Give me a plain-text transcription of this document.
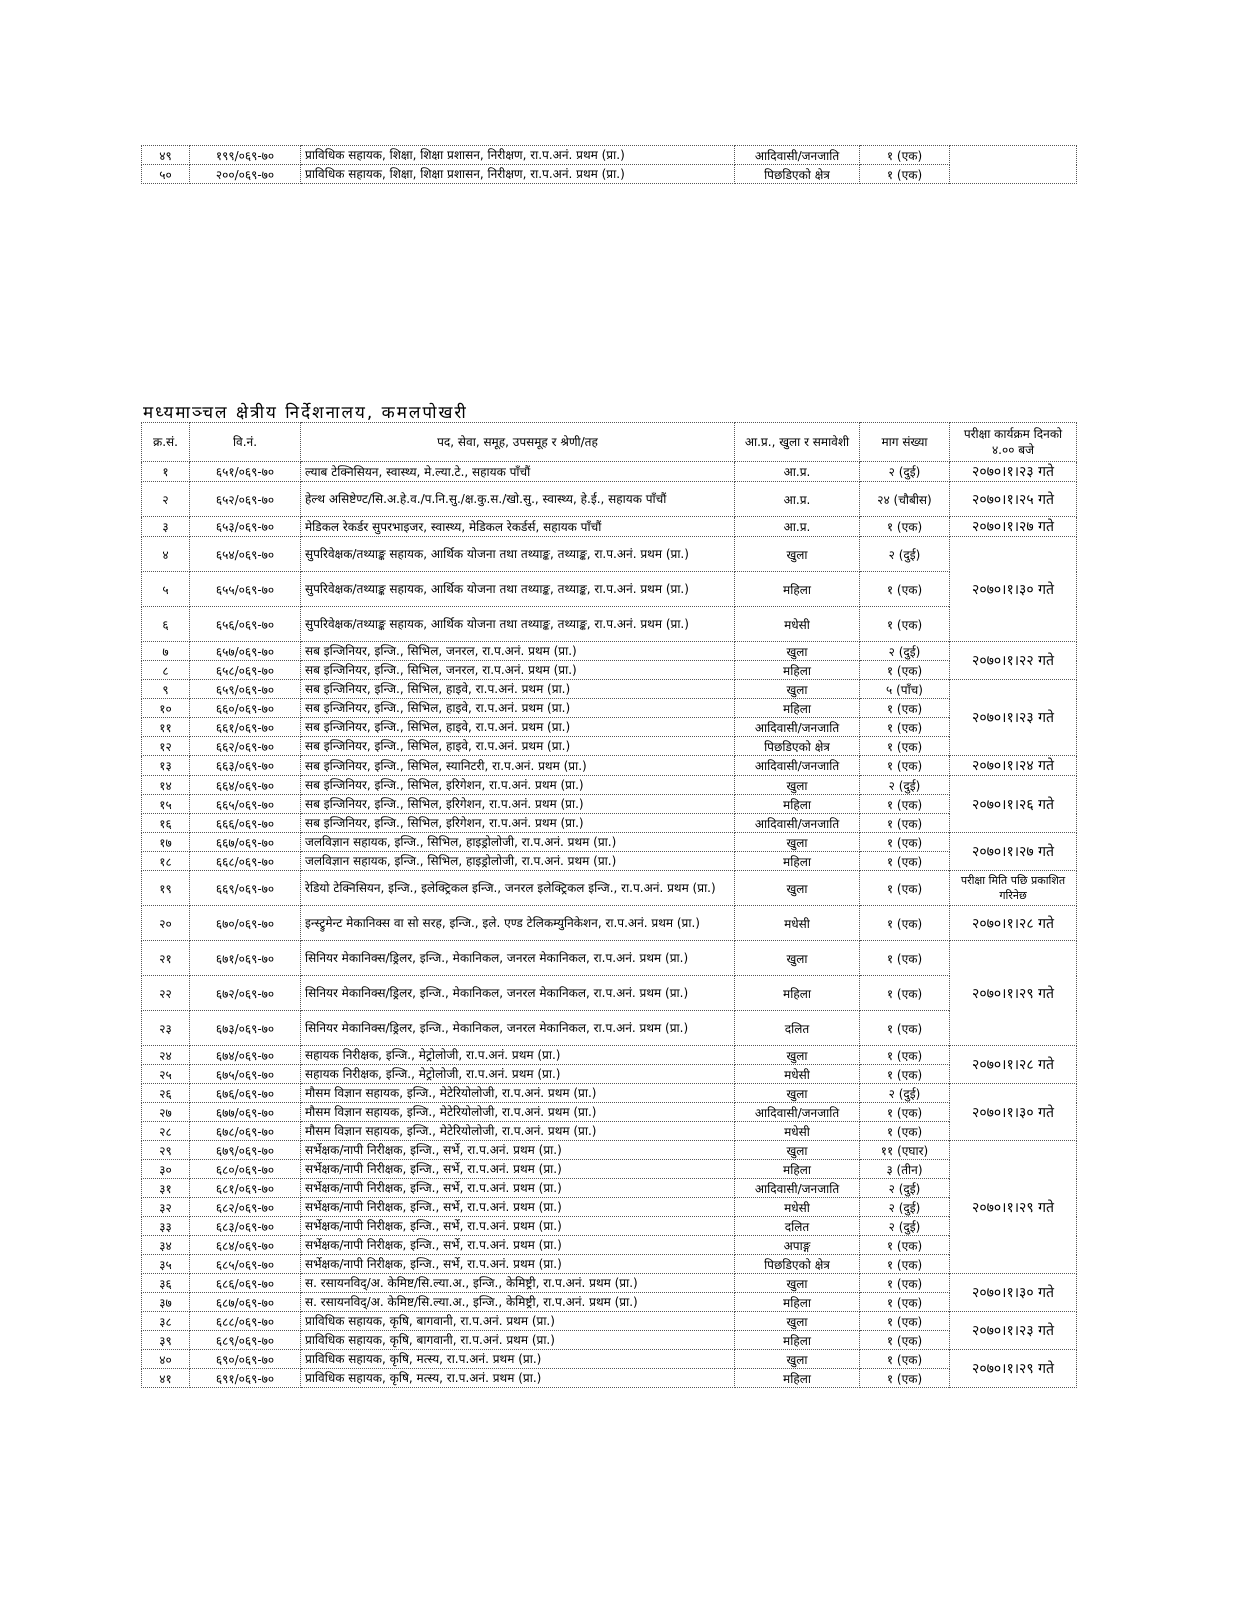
४९	१९९/०६९-७०	प्राविधिक सहायक, शिक्षा, शिक्षा प्रशासन, निरीक्षण, रा.प.अनं. प्रथम (प्रा.)	आदिवासी/जनजाति	१ (एक)	
५०	२००/०६९-७०	प्राविधिक सहायक, शिक्षा, शिक्षा प्रशासन, निरीक्षण, रा.प.अनं. प्रथम (प्रा.)	पिछडिएको क्षेत्र	१ (एक)	
मध्यमाञ्चल क्षेत्रीय निर्देशनालय, कमलपोखरी
क्र.सं.	वि.नं.	पद, सेवा, समूह, उपसमूह र श्रेणी/तह	आ.प्र., खुला र समावेशी	माग संख्या	परीक्षा कार्यक्रम दिनको ४.०० बजे
१	६५१/०६९-७०	ल्याब टेक्निसियन, स्वास्थ्य, मे.ल्या.टे., सहायक पाँचौं	आ.प्र.	२ (दुई)	२०७०।१।२३ गते
२	६५२/०६९-७०	हेल्थ असिष्टेण्ट/सि.अ.हे.व./प.नि.सु./क्ष.कु.स./खो.सु., स्वास्थ्य, हे.ई., सहायक पाँचौं	आ.प्र.	२४ (चौबीस)	२०७०।१।२५ गते
३	६५३/०६९-७०	मेडिकल रेकर्डर सुपरभाइजर, स्वास्थ्य, मेडिकल रेकर्डर्स, सहायक पाँचौं	आ.प्र.	१ (एक)	२०७०।१।२७ गते
४	६५४/०६९-७०	सुपरिवेक्षक/तथ्याङ्क सहायक, आर्थिक योजना तथा तथ्याङ्क, तथ्याङ्क, रा.प.अनं. प्रथम (प्रा.)	खुला	२ (दुई)	२०७०।१।३० गते
५	६५५/०६९-७०	सुपरिवेक्षक/तथ्याङ्क सहायक, आर्थिक योजना तथा तथ्याङ्क, तथ्याङ्क, रा.प.अनं. प्रथम (प्रा.)	महिला	१ (एक)	
६	६५६/०६९-७०	सुपरिवेक्षक/तथ्याङ्क सहायक, आर्थिक योजना तथा तथ्याङ्क, तथ्याङ्क, रा.प.अनं. प्रथम (प्रा.)	मधेसी	१ (एक)	
७	६५७/०६९-७०	सब इन्जिनियर, इन्जि., सिभिल, जनरल, रा.प.अनं. प्रथम (प्रा.)	खुला	२ (दुई)	२०७०।१।२२ गते
८	६५८/०६९-७०	सब इन्जिनियर, इन्जि., सिभिल, जनरल, रा.प.अनं. प्रथम (प्रा.)	महिला	१ (एक)	
९	६५९/०६९-७०	सब इन्जिनियर, इन्जि., सिभिल, हाइवे, रा.प.अनं. प्रथम (प्रा.)	खुला	५ (पाँच)	२०७०।१।२३ गते
१०	६६०/०६९-७०	सब इन्जिनियर, इन्जि., सिभिल, हाइवे, रा.प.अनं. प्रथम (प्रा.)	महिला	१ (एक)	
११	६६१/०६९-७०	सब इन्जिनियर, इन्जि., सिभिल, हाइवे, रा.प.अनं. प्रथम (प्रा.)	आदिवासी/जनजाति	१ (एक)	
१२	६६२/०६९-७०	सब इन्जिनियर, इन्जि., सिभिल, हाइवे, रा.प.अनं. प्रथम (प्रा.)	पिछडिएको क्षेत्र	१ (एक)	
१३	६६३/०६९-७०	सब इन्जिनियर, इन्जि., सिभिल, स्यानिटरी, रा.प.अनं. प्रथम (प्रा.)	आदिवासी/जनजाति	१ (एक)	२०७०।१।२४ गते
१४	६६४/०६९-७०	सब इन्जिनियर, इन्जि., सिभिल, इरिगेशन, रा.प.अनं. प्रथम (प्रा.)	खुला	२ (दुई)	२०७०।१।२६ गते
१५	६६५/०६९-७०	सब इन्जिनियर, इन्जि., सिभिल, इरिगेशन, रा.प.अनं. प्रथम (प्रा.)	महिला	१ (एक)	
१६	६६६/०६९-७०	सब इन्जिनियर, इन्जि., सिभिल, इरिगेशन, रा.प.अनं. प्रथम (प्रा.)	आदिवासी/जनजाति	१ (एक)	
१७	६६७/०६९-७०	जलविज्ञान सहायक, इन्जि., सिभिल, हाइड्रोलोजी, रा.प.अनं. प्रथम (प्रा.)	खुला	१ (एक)	२०७०।१।२७ गते
१८	६६८/०६९-७०	जलविज्ञान सहायक, इन्जि., सिभिल, हाइड्रोलोजी, रा.प.अनं. प्रथम (प्रा.)	महिला	१ (एक)	
१९	६६९/०६९-७०	रेडियो टेक्निसियन, इन्जि., इलेक्ट्रिकल इन्जि., जनरल इलेक्ट्रिकल इन्जि., रा.प.अनं. प्रथम (प्रा.)	खुला	१ (एक)	परीक्षा मिति पछि प्रकाशित गरिनेछ
२०	६७०/०६९-७०	इन्स्ट्रुमेन्ट मेकानिक्स वा सो सरह, इन्जि., इले. एण्ड टेलिकम्युनिकेशन, रा.प.अनं. प्रथम (प्रा.)	मधेसी	१ (एक)	२०७०।१।२८ गते
२१	६७१/०६९-७०	सिनियर मेकानिक्स/ड्रिलर, इन्जि., मेकानिकल, जनरल मेकानिकल, रा.प.अनं. प्रथम (प्रा.)	खुला	१ (एक)	२०७०।१।२९ गते
२२	६७२/०६९-७०	सिनियर मेकानिक्स/ड्रिलर, इन्जि., मेकानिकल, जनरल मेकानिकल, रा.प.अनं. प्रथम (प्रा.)	महिला	१ (एक)	
२३	६७३/०६९-७०	सिनियर मेकानिक्स/ड्रिलर, इन्जि., मेकानिकल, जनरल मेकानिकल, रा.प.अनं. प्रथम (प्रा.)	दलित	१ (एक)	
२४	६७४/०६९-७०	सहायक निरीक्षक, इन्जि., मेट्रोलोजी, रा.प.अनं. प्रथम (प्रा.)	खुला	१ (एक)	२०७०।१।२८ गते
२५	६७५/०६९-७०	सहायक निरीक्षक, इन्जि., मेट्रोलोजी, रा.प.अनं. प्रथम (प्रा.)	मधेसी	१ (एक)	
२६	६७६/०६९-७०	मौसम विज्ञान सहायक, इन्जि., मेटेरियोलोजी, रा.प.अनं. प्रथम (प्रा.)	खुला	२ (दुई)	२०७०।१।३० गते
२७	६७७/०६९-७०	मौसम विज्ञान सहायक, इन्जि., मेटेरियोलोजी, रा.प.अनं. प्रथम (प्रा.)	आदिवासी/जनजाति	१ (एक)	
२८	६७८/०६९-७०	मौसम विज्ञान सहायक, इन्जि., मेटेरियोलोजी, रा.प.अनं. प्रथम (प्रा.)	मधेसी	१ (एक)	
२९	६७९/०६९-७०	सर्भेक्षक/नापी निरीक्षक, इन्जि., सर्भे, रा.प.अनं. प्रथम (प्रा.)	खुला	११ (एघार)	२०७०।१।२९ गते
३०	६८०/०६९-७०	सर्भेक्षक/नापी निरीक्षक, इन्जि., सर्भे, रा.प.अनं. प्रथम (प्रा.)	महिला	३ (तीन)	
३१	६८१/०६९-७०	सर्भेक्षक/नापी निरीक्षक, इन्जि., सर्भे, रा.प.अनं. प्रथम (प्रा.)	आदिवासी/जनजाति	२ (दुई)	
३२	६८२/०६९-७०	सर्भेक्षक/नापी निरीक्षक, इन्जि., सर्भे, रा.प.अनं. प्रथम (प्रा.)	मधेसी	२ (दुई)	
३३	६८३/०६९-७०	सर्भेक्षक/नापी निरीक्षक, इन्जि., सर्भे, रा.प.अनं. प्रथम (प्रा.)	दलित	२ (दुई)	
३४	६८४/०६९-७०	सर्भेक्षक/नापी निरीक्षक, इन्जि., सर्भे, रा.प.अनं. प्रथम (प्रा.)	अपाङ्ग	१ (एक)	
३५	६८५/०६९-७०	सर्भेक्षक/नापी निरीक्षक, इन्जि., सर्भे, रा.प.अनं. प्रथम (प्रा.)	पिछडिएको क्षेत्र	१ (एक)	
३६	६८६/०६९-७०	स. रसायनविद्/अ. केमिष्ट/सि.ल्या.अ., इन्जि., केमिष्ट्री, रा.प.अनं. प्रथम (प्रा.)	खुला	१ (एक)	२०७०।१।३० गते
३७	६८७/०६९-७०	स. रसायनविद्/अ. केमिष्ट/सि.ल्या.अ., इन्जि., केमिष्ट्री, रा.प.अनं. प्रथम (प्रा.)	महिला	१ (एक)	
३८	६८८/०६९-७०	प्राविधिक सहायक, कृषि, बागवानी, रा.प.अनं. प्रथम (प्रा.)	खुला	१ (एक)	२०७०।१।२३ गते
३९	६८९/०६९-७०	प्राविधिक सहायक, कृषि, बागवानी, रा.प.अनं. प्रथम (प्रा.)	महिला	१ (एक)	
४०	६९०/०६९-७०	प्राविधिक सहायक, कृषि, मत्स्य, रा.प.अनं. प्रथम (प्रा.)	खुला	१ (एक)	२०७०।१।२९ गते
४१	६९१/०६९-७०	प्राविधिक सहायक, कृषि, मत्स्य, रा.प.अनं. प्रथम (प्रा.)	महिला	१ (एक)	
